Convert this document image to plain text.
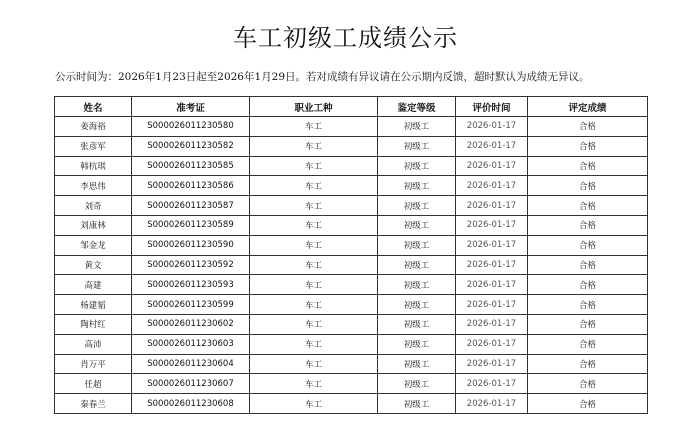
车工初级工成绩公示
公示时间为：2026年1月23日起至2026年1月29日。若对成绩有异议请在公示期内反馈，超时默认为成绩无异议。
姓名	准考证	职业工种	鉴定等级	评价时间	评定成绩
姜海裕	S000026011230580	车工	初级工	2026-01-17	合格
张彦军	S000026011230582	车工	初级工	2026-01-17	合格
韩杭琪	S000026011230585	车工	初级工	2026-01-17	合格
李思伟	S000026011230586	车工	初级工	2026-01-17	合格
刘奇	S000026011230587	车工	初级工	2026-01-17	合格
刘康林	S000026011230589	车工	初级工	2026-01-17	合格
邹金龙	S000026011230590	车工	初级工	2026-01-17	合格
黄文	S000026011230592	车工	初级工	2026-01-17	合格
高建	S000026011230593	车工	初级工	2026-01-17	合格
杨建韬	S000026011230599	车工	初级工	2026-01-17	合格
陶村红	S000026011230602	车工	初级工	2026-01-17	合格
高沛	S000026011230603	车工	初级工	2026-01-17	合格
肖万平	S000026011230604	车工	初级工	2026-01-17	合格
任超	S000026011230607	车工	初级工	2026-01-17	合格
秦春兰	S000026011230608	车工	初级工	2026-01-17	合格
